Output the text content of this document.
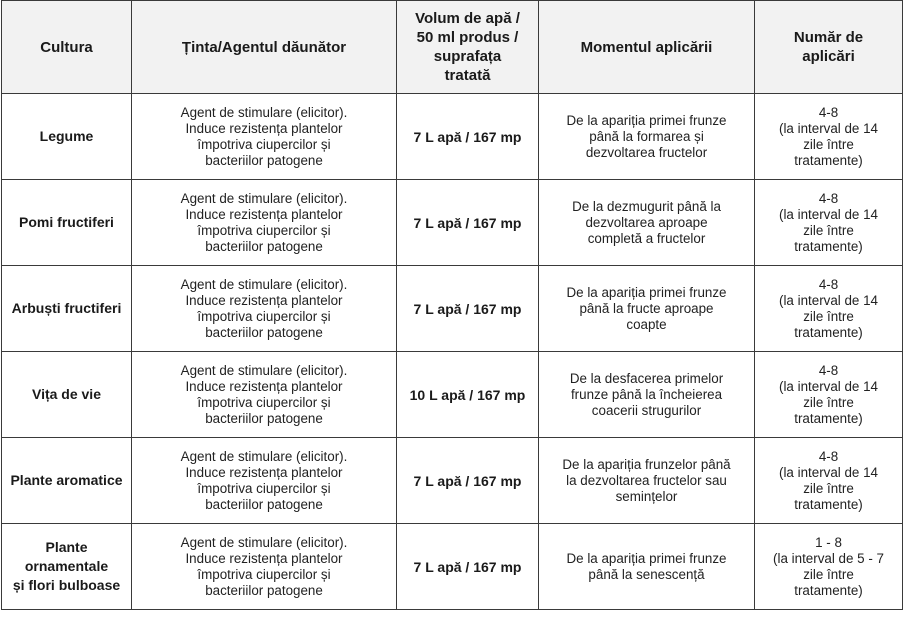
Cultura	Ținta/Agentul dăunător	Volum de apă /
50 ml produs /
suprafața
tratată	Momentul aplicării	Număr de
aplicări

Legume	Agent de stimulare (elicitor).
Induce rezistența plantelor
împotriva ciupercilor și
bacteriilor patogene	7 L apă / 167 mp	De la apariția primei frunze
până la formarea și
dezvoltarea fructelor	4-8
(la interval de 14
zile între
tratamente)

Pomi fructiferi	Agent de stimulare (elicitor).
Induce rezistența plantelor
împotriva ciupercilor și
bacteriilor patogene	7 L apă / 167 mp	De la dezmugurit până la
dezvoltarea aproape
completă a fructelor	4-8
(la interval de 14
zile între
tratamente)

Arbuști fructiferi	Agent de stimulare (elicitor).
Induce rezistența plantelor
împotriva ciupercilor și
bacteriilor patogene	7 L apă / 167 mp	De la apariția primei frunze
până la fructe aproape
coapte	4-8
(la interval de 14
zile între
tratamente)

Vița de vie	Agent de stimulare (elicitor).
Induce rezistența plantelor
împotriva ciupercilor și
bacteriilor patogene	10 L apă / 167 mp	De la desfacerea primelor
frunze până la încheierea
coacerii strugurilor	4-8
(la interval de 14
zile între
tratamente)

Plante aromatice	Agent de stimulare (elicitor).
Induce rezistența plantelor
împotriva ciupercilor și
bacteriilor patogene	7 L apă / 167 mp	De la apariția frunzelor până
la dezvoltarea fructelor sau
semințelor	4-8
(la interval de 14
zile între
tratamente)

Plante ornamentale
și flori bulboase	Agent de stimulare (elicitor).
Induce rezistența plantelor
împotriva ciupercilor și
bacteriilor patogene	7 L apă / 167 mp	De la apariția primei frunze
până la senescență	1 - 8
(la interval de 5 - 7
zile între
tratamente)
